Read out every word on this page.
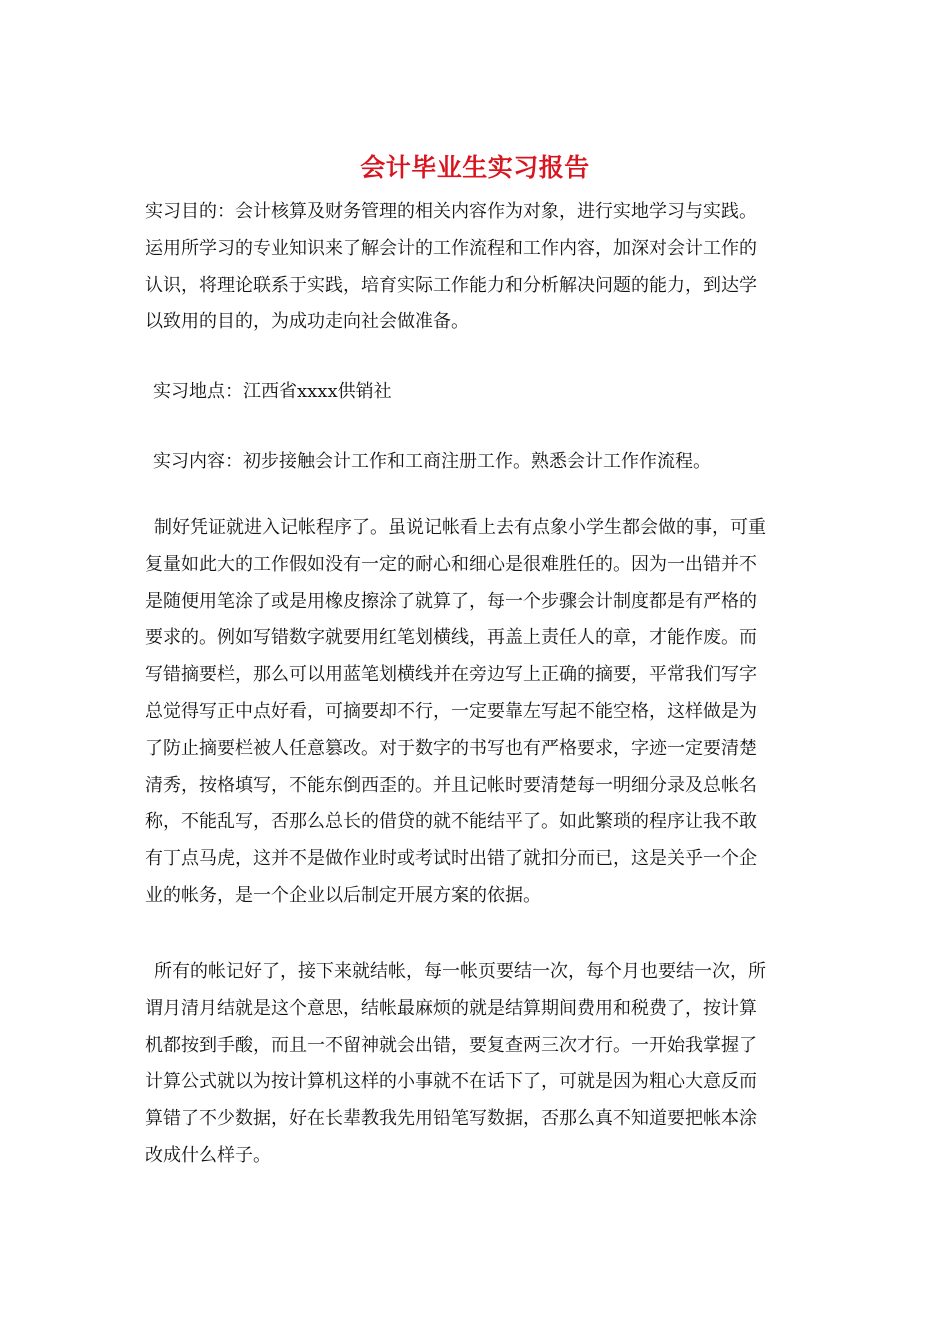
会计毕业生实习报告
实习目的：会计核算及财务管理的相关内容作为对象，进行实地学习与实践。
运用所学习的专业知识来了解会计的工作流程和工作内容，加深对会计工作的
认识，将理论联系于实践，培育实际工作能力和分析解决问题的能力，到达学
以致用的目的，为成功走向社会做准备。
实习地点：江西省xxxx供销社
实习内容：初步接触会计工作和工商注册工作。熟悉会计工作作流程。
制好凭证就进入记帐程序了。虽说记帐看上去有点象小学生都会做的事，可重
复量如此大的工作假如没有一定的耐心和细心是很难胜任的。因为一出错并不
是随便用笔涂了或是用橡皮擦涂了就算了，每一个步骤会计制度都是有严格的
要求的。例如写错数字就要用红笔划横线，再盖上责任人的章，才能作废。而
写错摘要栏，那么可以用蓝笔划横线并在旁边写上正确的摘要，平常我们写字
总觉得写正中点好看，可摘要却不行，一定要靠左写起不能空格，这样做是为
了防止摘要栏被人任意篡改。对于数字的书写也有严格要求，字迹一定要清楚
清秀，按格填写，不能东倒西歪的。并且记帐时要清楚每一明细分录及总帐名
称，不能乱写，否那么总长的借贷的就不能结平了。如此繁琐的程序让我不敢
有丁点马虎，这并不是做作业时或考试时出错了就扣分而已，这是关乎一个企
业的帐务，是一个企业以后制定开展方案的依据。
所有的帐记好了，接下来就结帐，每一帐页要结一次，每个月也要结一次，所
谓月清月结就是这个意思，结帐最麻烦的就是结算期间费用和税费了，按计算
机都按到手酸，而且一不留神就会出错，要复查两三次才行。一开始我掌握了
计算公式就以为按计算机这样的小事就不在话下了，可就是因为粗心大意反而
算错了不少数据，好在长辈教我先用铅笔写数据，否那么真不知道要把帐本涂
改成什么样子。
